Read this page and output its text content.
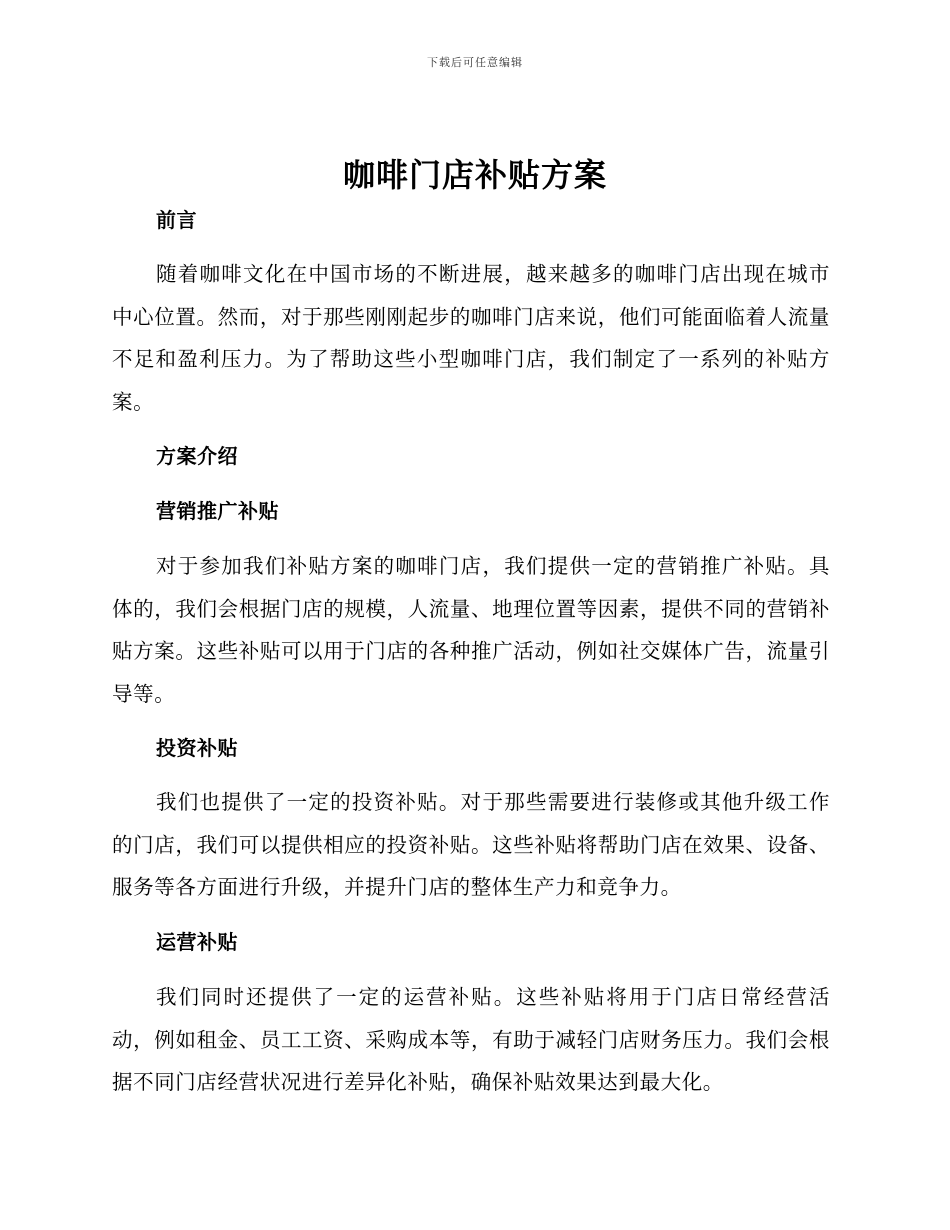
下载后可任意编辑
咖啡门店补贴方案
前言

随着咖啡文化在中国市场的不断进展，越来越多的咖啡门店出现在城市中心位置。然而，对于那些刚刚起步的咖啡门店来说，他们可能面临着人流量不足和盈利压力。为了帮助这些小型咖啡门店，我们制定了一系列的补贴方案。

方案介绍
营销推广补贴

对于参加我们补贴方案的咖啡门店，我们提供一定的营销推广补贴。具体的，我们会根据门店的规模，人流量、地理位置等因素，提供不同的营销补贴方案。这些补贴可以用于门店的各种推广活动，例如社交媒体广告，流量引导等。

投资补贴

我们也提供了一定的投资补贴。对于那些需要进行装修或其他升级工作的门店，我们可以提供相应的投资补贴。这些补贴将帮助门店在效果、设备、服务等各方面进行升级，并提升门店的整体生产力和竞争力。

运营补贴

我们同时还提供了一定的运营补贴。这些补贴将用于门店日常经营活动，例如租金、员工工资、采购成本等，有助于减轻门店财务压力。我们会根据不同门店经营状况进行差异化补贴，确保补贴效果达到最大化。
